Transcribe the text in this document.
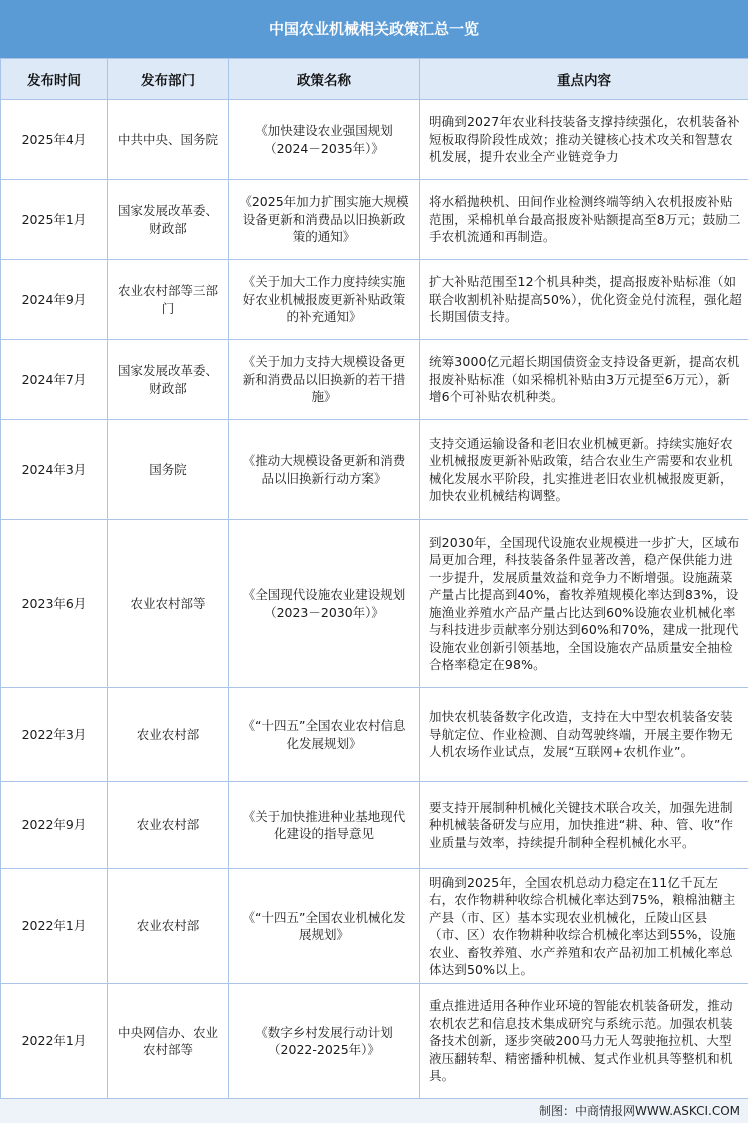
中国农业机械相关政策汇总一览
发布时间	发布部门	政策名称	重点内容
2025年4月	中共中央、国务院	《加快建设农业强国规划（2024－2035年）》	明确到2027年农业科技装备支撑持续强化，农机装备补短板取得阶段性成效；推动关键核心技术攻关和智慧农机发展，提升农业全产业链竞争力
2025年1月	国家发展改革委、财政部	《2025年加力扩围实施大规模设备更新和消费品以旧换新政策的通知》	将水稻抛秧机、田间作业检测终端等纳入农机报废补贴范围，采棉机单台最高报废补贴额提高至8万元；鼓励二手农机流通和再制造。
2024年9月	农业农村部等三部门	《关于加大工作力度持续实施好农业机械报废更新补贴政策的补充通知》	扩大补贴范围至12个机具种类，提高报废补贴标准（如联合收割机补贴提高50%），优化资金兑付流程，强化超长期国债支持。
2024年7月	国家发展改革委、财政部	《关于加力支持大规模设备更新和消费品以旧换新的若干措施》	统筹3000亿元超长期国债资金支持设备更新，提高农机报废补贴标准（如采棉机补贴由3万元提至6万元），新增6个可补贴农机种类。
2024年3月	国务院	《推动大规模设备更新和消费品以旧换新行动方案》	支持交通运输设备和老旧农业机械更新。持续实施好农业机械报废更新补贴政策，结合农业生产需要和农业机械化发展水平阶段，扎实推进老旧农业机械报废更新，加快农业机械结构调整。
2023年6月	农业农村部等	《全国现代设施农业建设规划（2023－2030年）》	到2030年，全国现代设施农业规模进一步扩大，区域布局更加合理，科技装备条件显著改善，稳产保供能力进一步提升，发展质量效益和竞争力不断增强。设施蔬菜产量占比提高到40%，畜牧养殖规模化率达到83%，设施渔业养殖水产品产量占比达到60%设施农业机械化率与科技进步贡献率分别达到60%和70%，建成一批现代设施农业创新引领基地，全国设施农产品质量安全抽检合格率稳定在98%。
2022年3月	农业农村部	《“十四五”全国农业农村信息化发展规划》	加快农机装备数字化改造，支持在大中型农机装备安装导航定位、作业检测、自动驾驶终端，开展主要作物无人机农场作业试点，发展“互联网+农机作业”。
2022年9月	农业农村部	《关于加快推进种业基地现代化建设的指导意见	要支持开展制种机械化关键技术联合攻关，加强先进制种机械装备研发与应用，加快推进“耕、种、管、收”作业质量与效率，持续提升制种全程机械化水平。
2022年1月	农业农村部	《“十四五”全国农业机械化发展规划》	明确到2025年，全国农机总动力稳定在11亿千瓦左右，农作物耕种收综合机械化率达到75%，粮棉油糖主产县（市、区）基本实现农业机械化，丘陵山区县（市、区）农作物耕种收综合机械化率达到55%，设施农业、畜牧养殖、水产养殖和农产品初加工机械化率总体达到50%以上。
2022年1月	中央网信办、农业农村部等	《数字乡村发展行动计划（2022-2025年）》	重点推进适用各种作业环境的智能农机装备研发，推动农机农艺和信息技术集成研究与系统示范。加强农机装备技术创新，逐步突破200马力无人驾驶拖拉机、大型液压翻转犁、精密播种机械、复式作业机具等整机和机具。
制图：中商情报网WWW.ASKCI.COM
